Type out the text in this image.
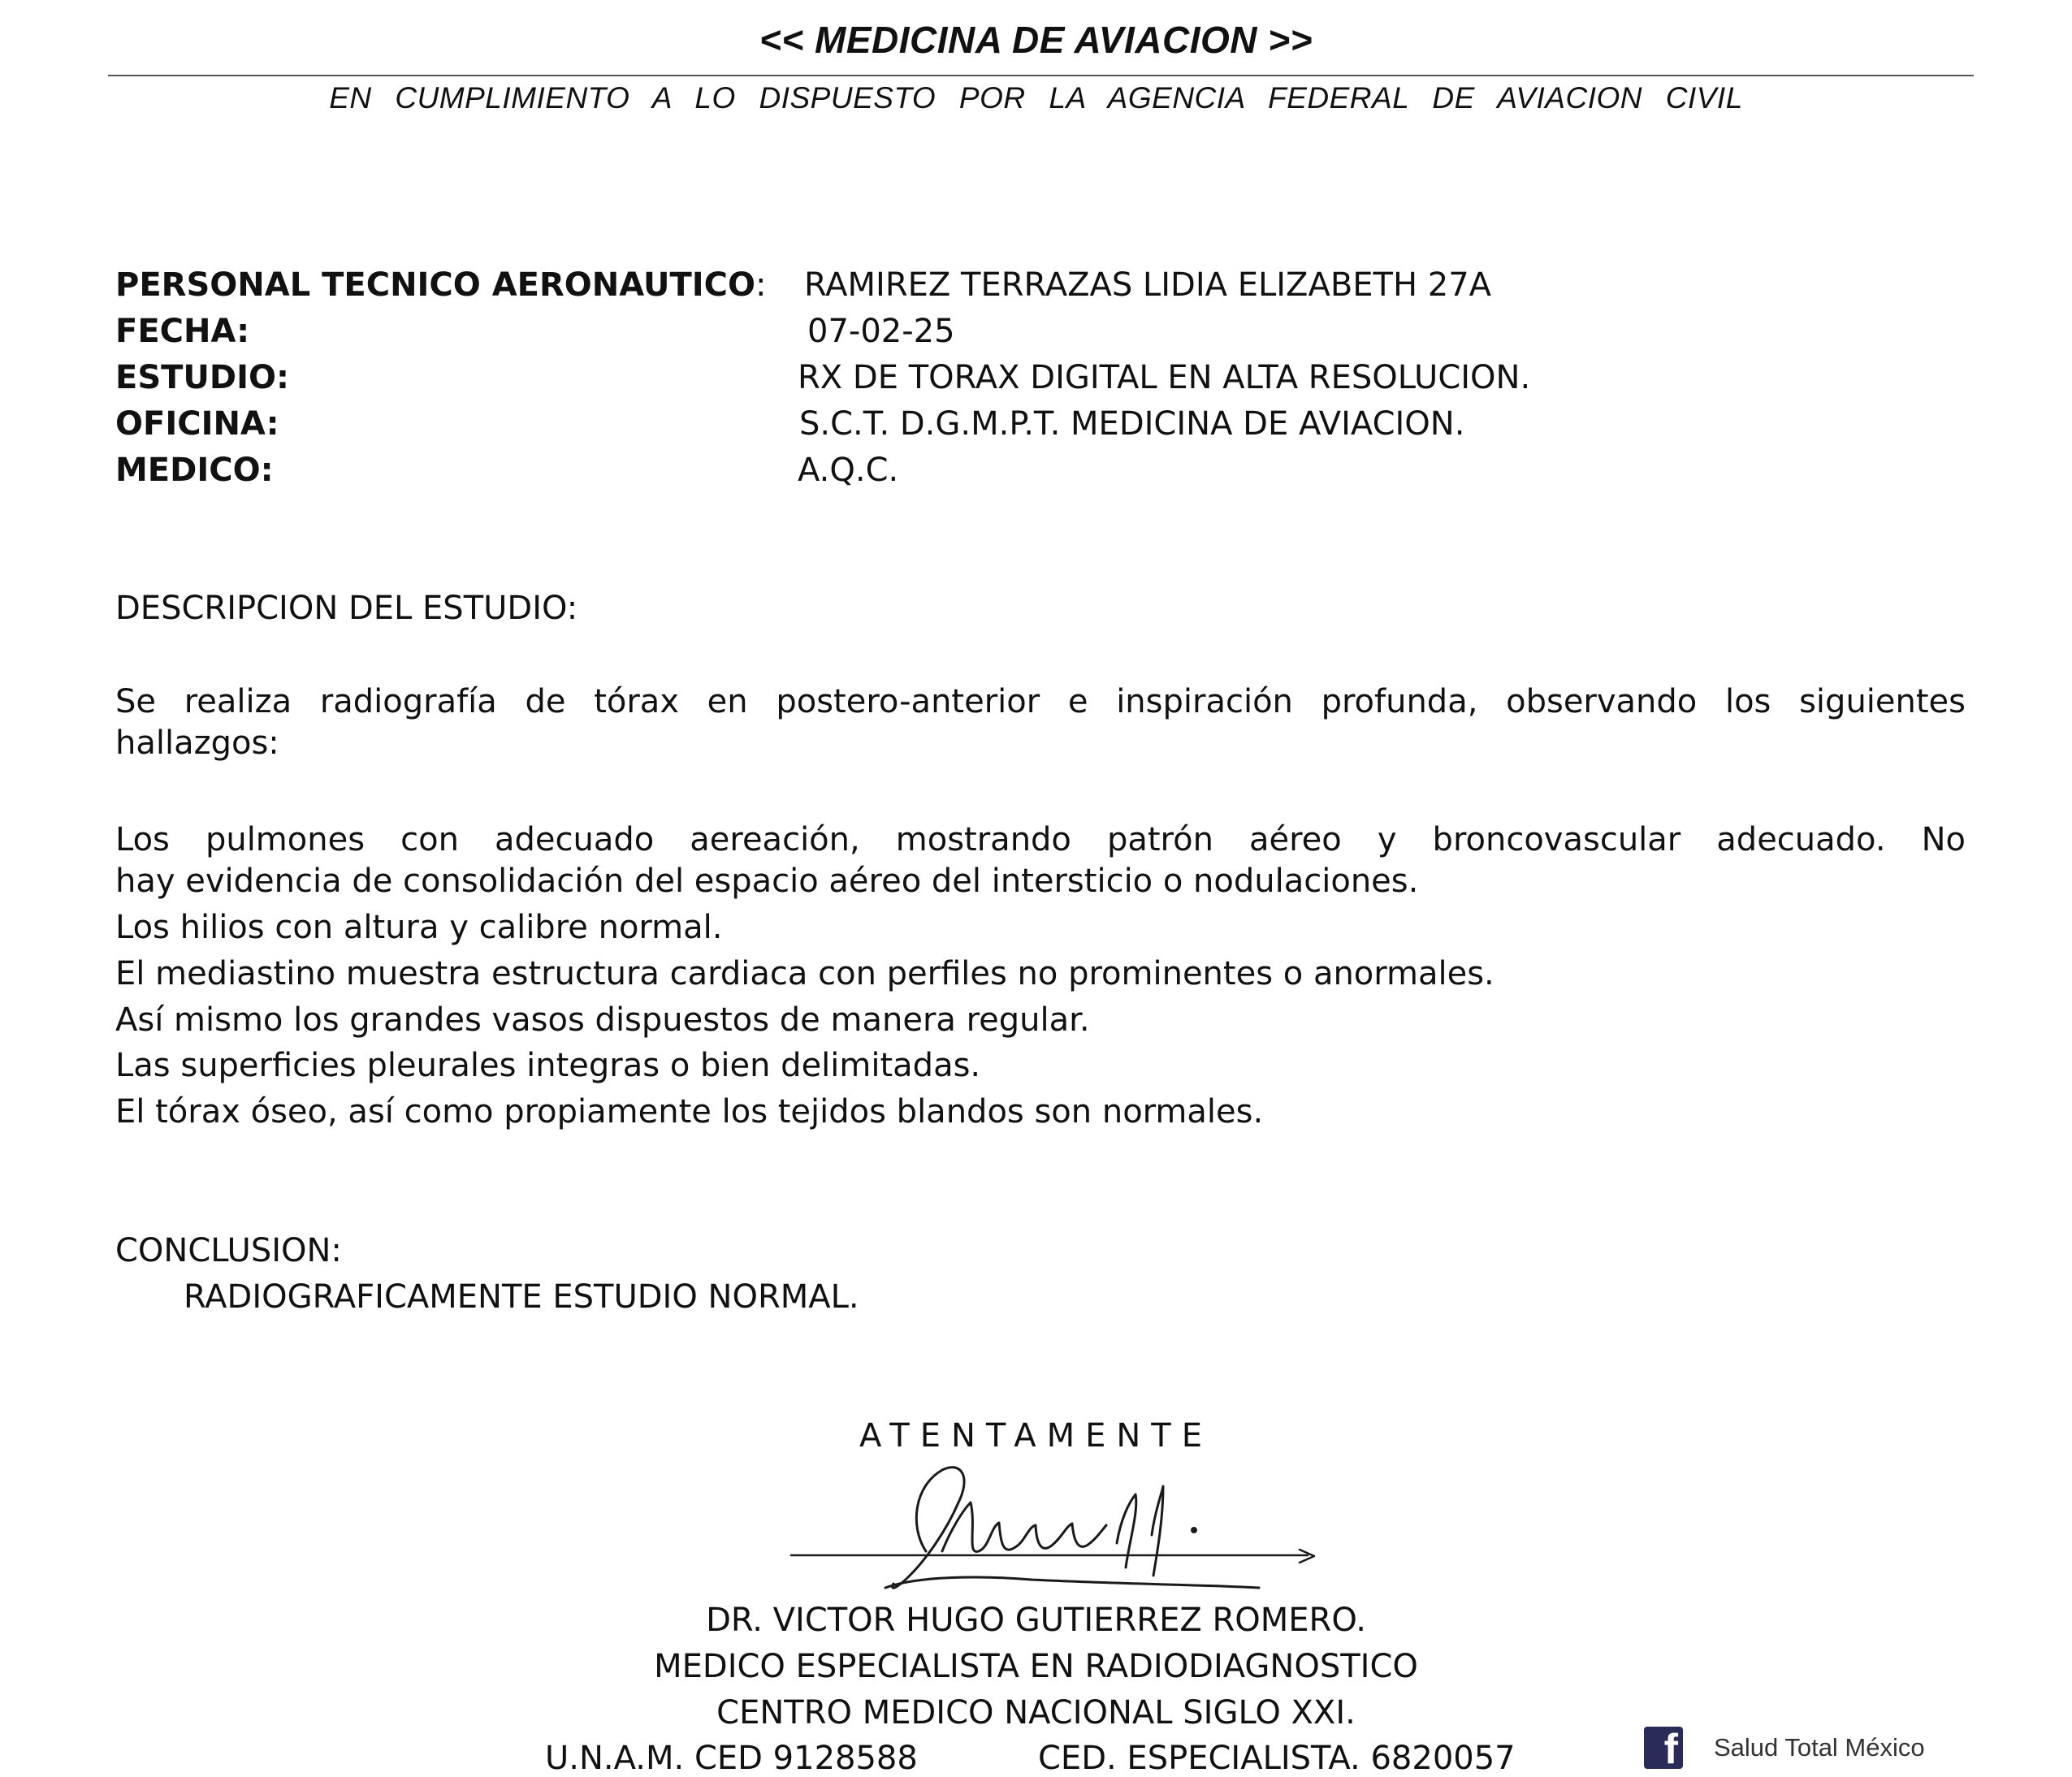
<< MEDICINA DE AVIACION >>
EN CUMPLIMIENTO A LO DISPUESTO POR LA AGENCIA FEDERAL DE AVIACION CIVIL
PERSONAL TECNICO AERONAUTICO: RAMIREZ TERRAZAS LIDIA ELIZABETH 27A
FECHA:	07-02-25
ESTUDIO:	RX DE TORAX DIGITAL EN ALTA RESOLUCION.
OFICINA:	S.C.T. D.G.M.P.T. MEDICINA DE AVIACION.
MEDICO:	A.Q.C.
DESCRIPCION DEL ESTUDIO:
Se realiza radiografía de tórax en postero-anterior e inspiración profunda, observando los siguientes
hallazgos:
Los pulmones con adecuado aereación, mostrando patrón aéreo y broncovascular adecuado. No
hay evidencia de consolidación del espacio aéreo del intersticio o nodulaciones.
Los hilios con altura y calibre normal.
El mediastino muestra estructura cardiaca con perfiles no prominentes o anormales.
Así mismo los grandes vasos dispuestos de manera regular.
Las superficies pleurales integras o bien delimitadas.
El tórax óseo, así como propiamente los tejidos blandos son normales.
CONCLUSION:
RADIOGRAFICAMENTE ESTUDIO NORMAL.
ATENTAMENTE
DR. VICTOR HUGO GUTIERREZ ROMERO.
MEDICO ESPECIALISTA EN RADIODIAGNOSTICO
CENTRO MEDICO NACIONAL SIGLO XXI.
U.N.A.M. CED 9128588	CED. ESPECIALISTA. 6820057	f Salud Total México
